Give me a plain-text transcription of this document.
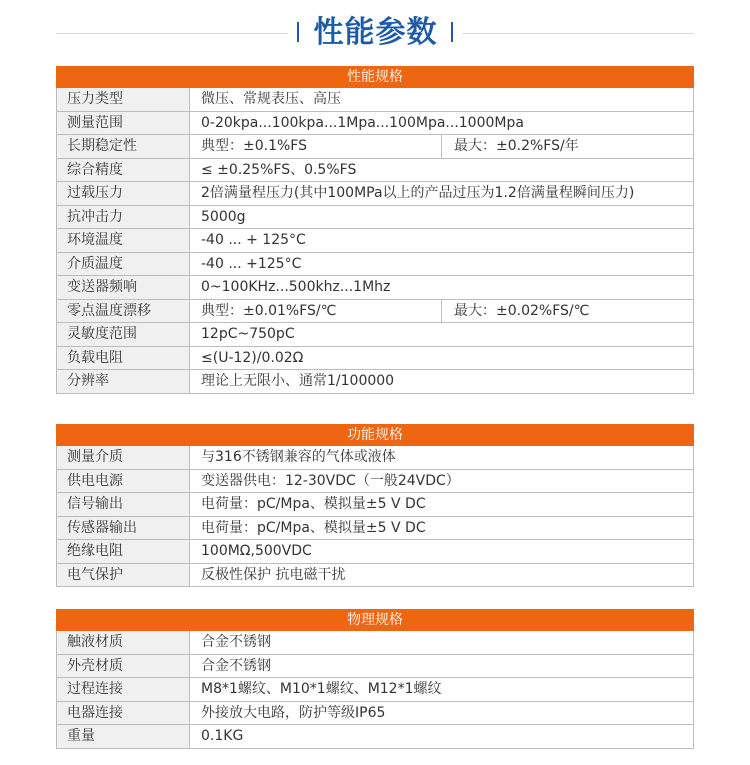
性能参数
性能规格
压力类型	微压、常规表压、高压
测量范围	0-20kpa...100kpa...1Mpa...100Mpa...1000Mpa
长期稳定性	典型：±0.1%FS	最大：±0.2%FS/年
综合精度	≤ ±0.25%FS、0.5%FS
过载压力	2倍满量程压力(其中100MPa以上的产品过压为1.2倍满量程瞬间压力)
抗冲击力	5000g
环境温度	-40 ... + 125°C
介质温度	-40 ... +125°C
变送器频响	0~100KHz...500khz...1Mhz
零点温度漂移	典型：±0.01%FS/℃	最大：±0.02%FS/℃
灵敏度范围	12pC~750pC
负载电阻	≤(U-12)/0.02Ω
分辨率	理论上无限小、通常1/100000
功能规格
测量介质	与316不锈钢兼容的气体或液体
供电电源	变送器供电：12-30VDC（一般24VDC）
信号输出	电荷量：pC/Mpa、模拟量±5 V DC
传感器输出	电荷量：pC/Mpa、模拟量±5 V DC
绝缘电阻	100MΩ,500VDC
电气保护	反极性保护 抗电磁干扰
物理规格
触液材质	合金不锈钢
外壳材质	合金不锈钢
过程连接	M8*1螺纹、M10*1螺纹、M12*1螺纹
电器连接	外接放大电路，防护等级IP65
重量	0.1KG
